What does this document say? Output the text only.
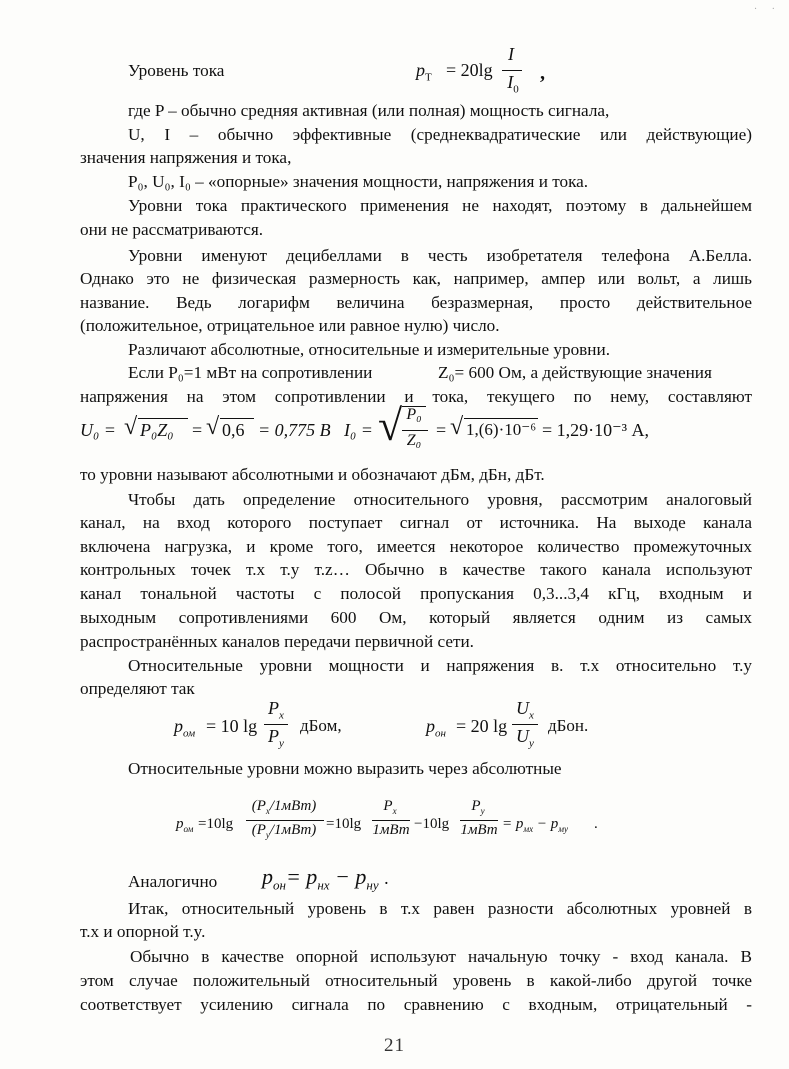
· ·
Уровень тока	$p_T = 20\lg$
I
$I_0$
,
где P – обычно средняя активная (или полная) мощность сигнала,
U, I – обычно эффективные (среднеквадратические или действующие)
значения напряжения и тока,
P₀, U₀, I₀ – «опорные» значения мощности, напряжения и тока.
Уровни тока практического применения не находят, поэтому в дальнейшем
они не рассматриваются.
Уровни именуют децибеллами в честь изобретателя телефона А.Белла.
Однако это не физическая размерность как, например, ампер или вольт, а лишь
название. Ведь логарифм величина безразмерная, просто действительное
(положительное, отрицательное или равное нулю) число.
Различают абсолютные, относительные и измерительные уровни.
Если P₀=1 мВт на сопротивлении	Z₀= 600 Ом, а действующие значения
напряжения на этом сопротивлении и тока, текущего по нему, составляют
U₀ = √ P₀Z₀ = √ 0,6 = 0,775 В I₀ = √ P₀
Z₀
= √ 1,(6)·10⁻⁶ = 1,29·10⁻³ А,
то уровни называют абсолютными и обозначают дБм, дБн, дБт.
Чтобы дать определение относительного уровня, рассмотрим аналоговый
канал, на вход которого поступает сигнал от источника. На выходе канала
включена нагрузка, и кроме того, имеется некоторое количество промежуточных
контрольных точек т.x т.y т.z… Обычно в качестве такого канала используют
канал тональной частоты с полосой пропускания 0,3...3,4 кГц, входным и
выходным сопротивлениями 600 Ом, который является одним из самых
распространённых каналов передачи первичной сети.
Относительные уровни мощности и напряжения в. т.x относительно т.y
определяют так
$p_{ом} = 10$ lg
$P_x$
$P_y$
дБом,	$p_{он} = 20$ lg
$U_x$
$U_y$
дБон.
Относительные уровни можно выразить через абсолютные
$p_{ом} =10\lg$
$(P_x/1мВт)$
$(P_y/1мВт) =10\lg$
$P_x$
1мВт −10lg
$P_y$
$1мВт = p_{мх} - p_{му}$ .
Аналогично $p_{он}= p_{нх} - p_{ну}$ .
Итак, относительный уровень в т.x равен разности абсолютных уровней в
т.x и опорной т.y.
Обычно в качестве опорной используют начальную точку - вход канала. В
этом случае положительный относительный уровень в какой-либо другой точке
соответствует усилению сигнала по сравнению с входным, отрицательный -
21
